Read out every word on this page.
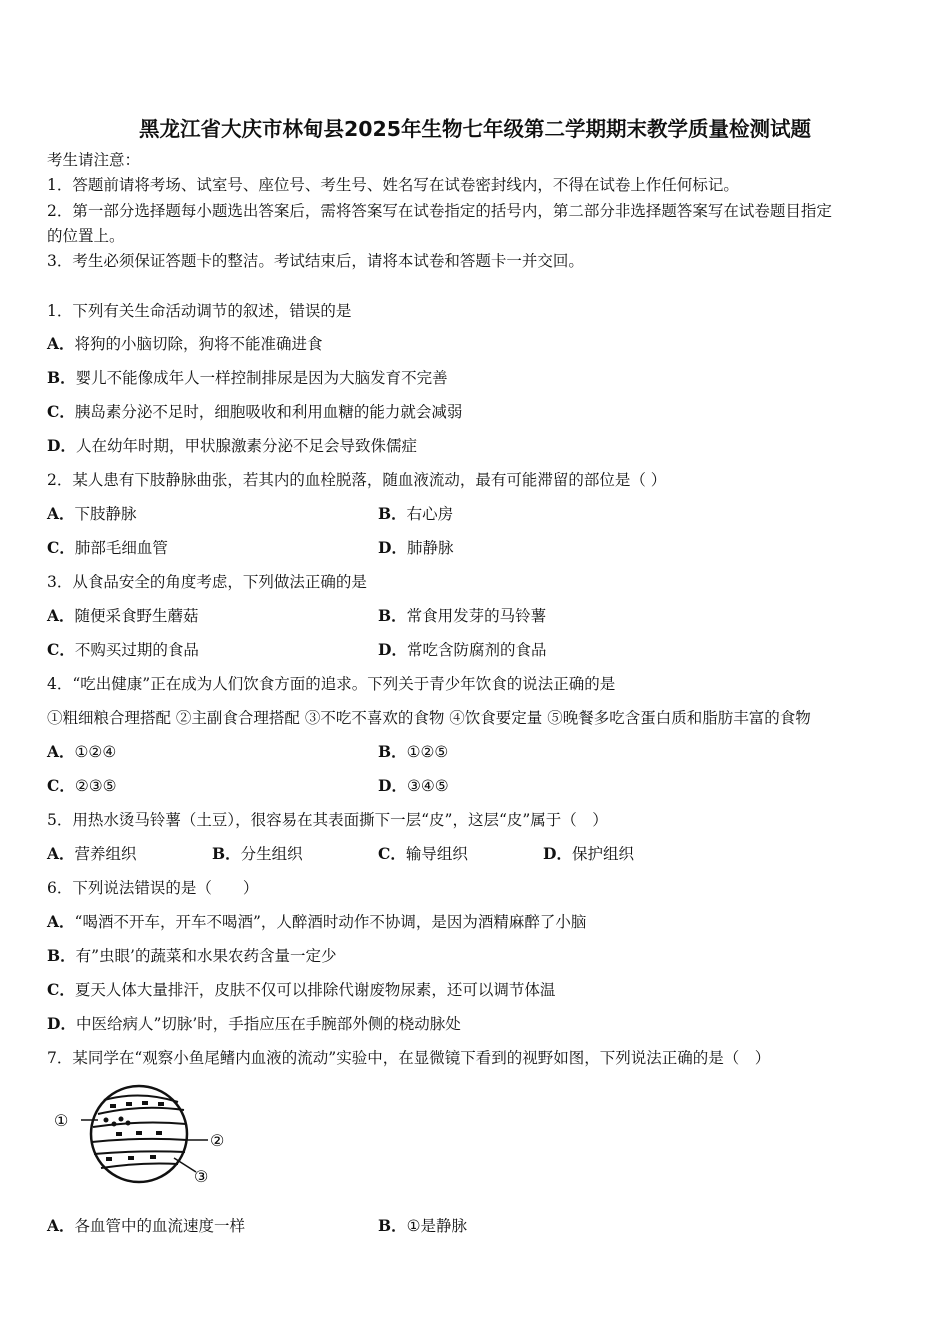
黑龙江省大庆市林甸县2025年生物七年级第二学期期末教学质量检测试题
考生请注意：
1．答题前请将考场、试室号、座位号、考生号、姓名写在试卷密封线内，不得在试卷上作任何标记。
2．第一部分选择题每小题选出答案后，需将答案写在试卷指定的括号内，第二部分非选择题答案写在试卷题目指定
的位置上。
3．考生必须保证答题卡的整洁。考试结束后，请将本试卷和答题卡一并交回。
1．下列有关生命活动调节的叙述，错误的是
A．将狗的小脑切除，狗将不能准确进食
B．婴儿不能像成年人一样控制排尿是因为大脑发育不完善
C．胰岛素分泌不足时，细胞吸收和利用血糖的能力就会减弱
D．人在幼年时期，甲状腺激素分泌不足会导致侏儒症
2．某人患有下肢静脉曲张，若其内的血栓脱落，随血液流动，最有可能滞留的部位是（ ）
A．下肢静脉	B．右心房
C．肺部毛细血管	D．肺静脉
3．从食品安全的角度考虑，下列做法正确的是
A．随便采食野生蘑菇	B．常食用发芽的马铃薯
C．不购买过期的食品	D．常吃含防腐剂的食品
4．“吃出健康”正在成为人们饮食方面的追求。下列关于青少年饮食的说法正确的是
①粗细粮合理搭配 ②主副食合理搭配 ③不吃不喜欢的食物 ④饮食要定量 ⑤晚餐多吃含蛋白质和脂肪丰富的食物
A．①②④	B．①②⑤
C．②③⑤	D．③④⑤
5．用热水烫马铃薯（土豆），很容易在其表面撕下一层“皮”，这层“皮”属于（　）
A．营养组织	B．分生组织	C．输导组织	D．保护组织
6．下列说法错误的是（　　）
A．“喝酒不开车，开车不喝酒”，人醉酒时动作不协调，是因为酒精麻醉了小脑
B．有”虫眼’的蔬菜和水果农药含量一定少
C．夏天人体大量排汗，皮肤不仅可以排除代谢废物尿素，还可以调节体温
D．中医给病人”切脉’时，手指应压在手腕部外侧的桡动脉处
7．某同学在“观察小鱼尾鳍内血液的流动”实验中，在显微镜下看到的视野如图，下列说法正确的是（　）
A．各血管中的血流速度一样	B．①是静脉
①
②
③
